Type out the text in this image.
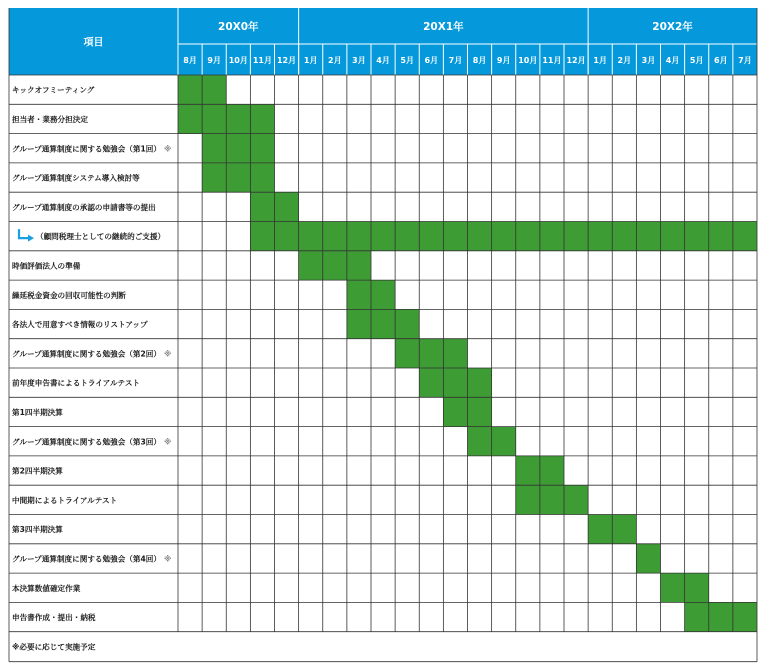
項目
20X0年	20X1年	20X2年
8月 9月 10月 11月 12月 1月 2月 3月 4月 5月 6月 7月 8月 9月 10月 11月 12月 1月 2月 3月 4月 5月 6月 7月
キックオフミーティング
担当者・業務分担決定
グループ通算制度に関する勉強会（第1回） ※
グループ通算制度システム導入検討等
グループ通算制度の承認の申請書等の提出
（顧問税理士としての継続的ご支援）
時価評価法人の準備
繰延税金資金の回収可能性の判断
各法人で用意すべき情報のリストアップ
グループ通算制度に関する勉強会（第2回） ※
前年度申告書によるトライアルテスト
第1四半期決算
グループ通算制度に関する勉強会（第3回） ※
第2四半期決算
中間期によるトライアルテスト
第3四半期決算
グループ通算制度に関する勉強会（第4回） ※
本決算数値確定作業
申告書作成・提出・納税
※必要に応じて実施予定
